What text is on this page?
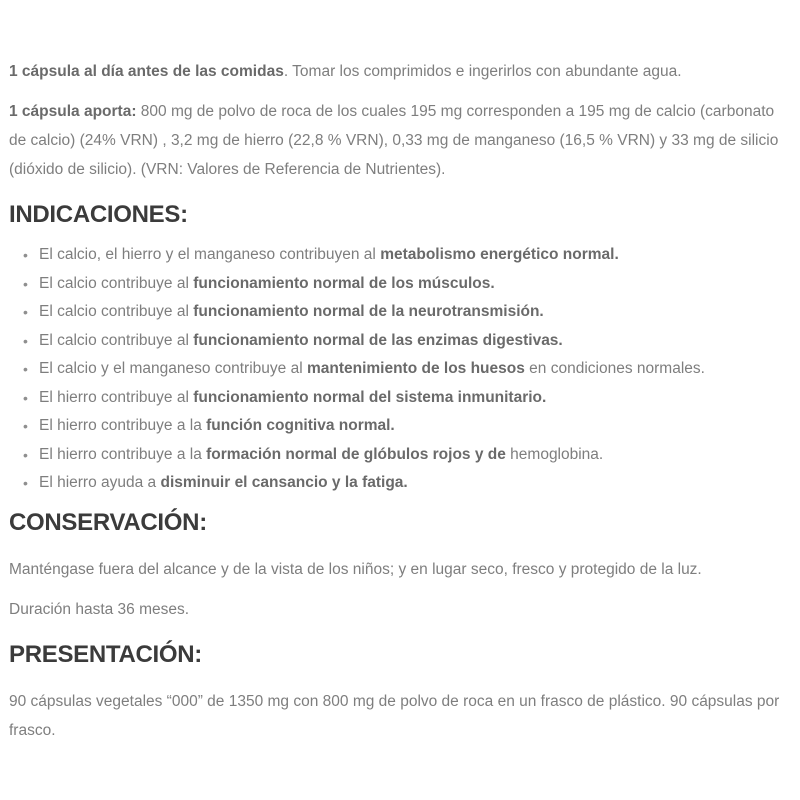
1 cápsula al día antes de las comidas. Tomar los comprimidos e ingerirlos con abundante agua.

1 cápsula aporta: 800 mg de polvo de roca de los cuales 195 mg corresponden a 195 mg de calcio (carbonato de calcio) (24% VRN) , 3,2 mg de hierro (22,8 % VRN), 0,33 mg de manganeso (16,5 % VRN) y 33 mg de silicio (dióxido de silicio). (VRN: Valores de Referencia de Nutrientes).

INDICACIONES:
• El calcio, el hierro y el manganeso contribuyen al metabolismo energético normal.
• El calcio contribuye al funcionamiento normal de los músculos.
• El calcio contribuye al funcionamiento normal de la neurotransmisión.
• El calcio contribuye al funcionamiento normal de las enzimas digestivas.
• El calcio y el manganeso contribuye al mantenimiento de los huesos en condiciones normales.
• El hierro contribuye al funcionamiento normal del sistema inmunitario.
• El hierro contribuye a la función cognitiva normal.
• El hierro contribuye a la formación normal de glóbulos rojos y de hemoglobina.
• El hierro ayuda a disminuir el cansancio y la fatiga.
CONSERVACIÓN:

Manténgase fuera del alcance y de la vista de los niños; y en lugar seco, fresco y protegido de la luz.

Duración hasta 36 meses.

PRESENTACIÓN:

90 cápsulas vegetales “000” de 1350 mg con 800 mg de polvo de roca en un frasco de plástico. 90 cápsulas por frasco.
